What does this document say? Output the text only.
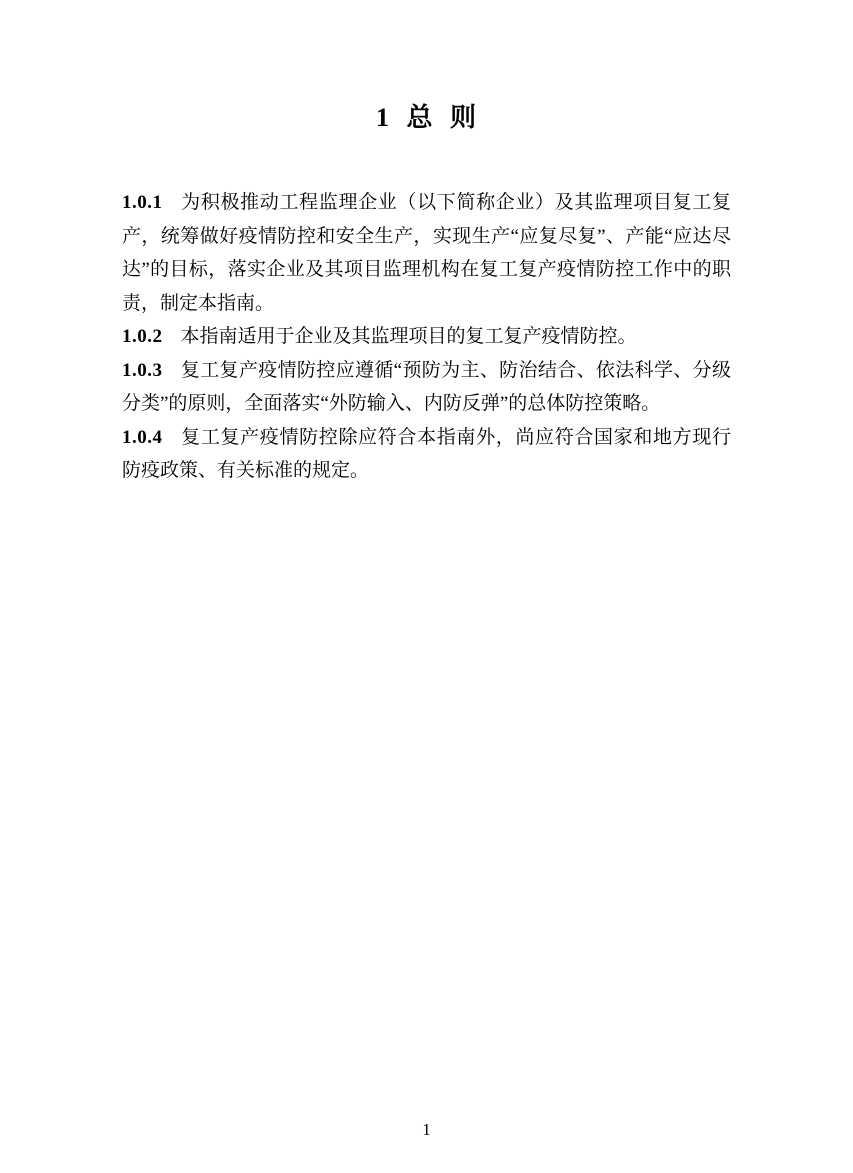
1 总 则

1.0.1 为积极推动工程监理企业（以下简称企业）及其监理项目复工复产，统筹做好疫情防控和安全生产，实现生产“应复尽复”、产能“应达尽达”的目标，落实企业及其项目监理机构在复工复产疫情防控工作中的职责，制定本指南。

1.0.2 本指南适用于企业及其监理项目的复工复产疫情防控。

1.0.3 复工复产疫情防控应遵循“预防为主、防治结合、依法科学、分级分类”的原则，全面落实“外防输入、内防反弹”的总体防控策略。

1.0.4 复工复产疫情防控除应符合本指南外，尚应符合国家和地方现行防疫政策、有关标准的规定。

1
